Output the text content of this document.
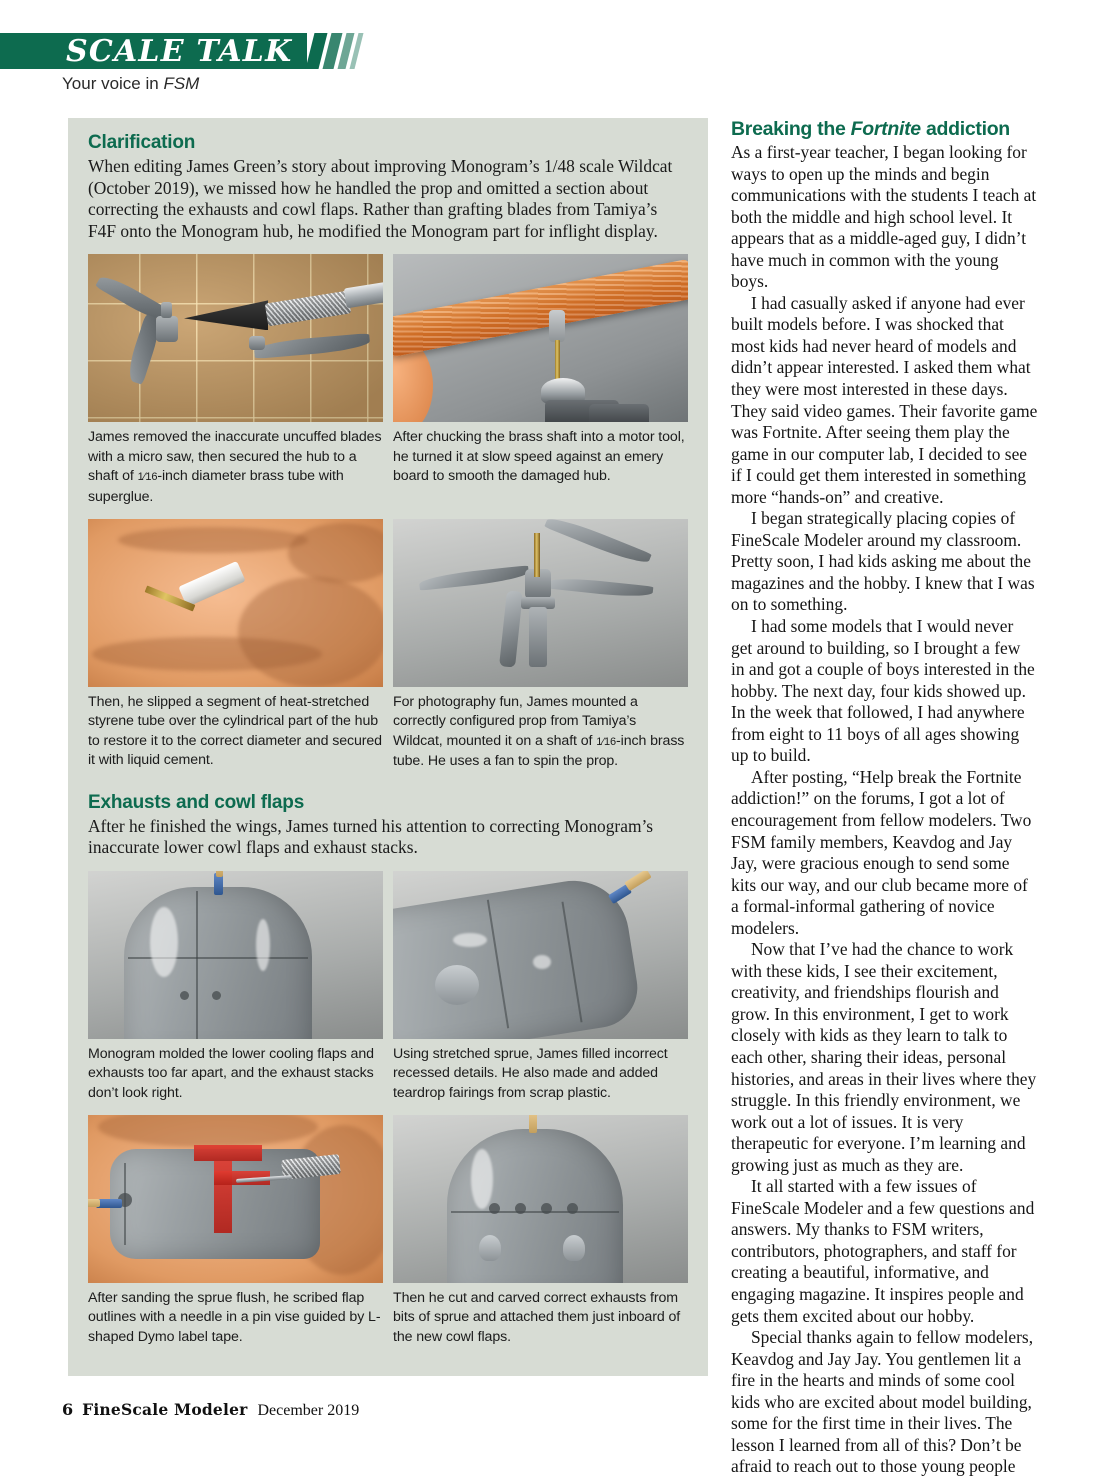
SCALE TALK
Your voice in FSM
Clarification

When editing James Green’s story about improving Monogram’s 1/48 scale Wildcat (October 2019), we missed how he handled the prop and omitted a section about correcting the exhausts and cowl flaps. Rather than grafting blades from Tamiya’s F4F onto the Monogram hub, he modified the Monogram part for inflight display.

James removed the inaccurate uncuffed blades with a micro saw, then secured the hub to a shaft of 1⁄16-inch diameter brass tube with superglue.
After chucking the brass shaft into a motor tool, he turned it at slow speed against an emery board to smooth the damaged hub.
Then, he slipped a segment of heat-stretched styrene tube over the cylindrical part of the hub to restore it to the correct diameter and secured it with liquid cement.
For photography fun, James mounted a correctly configured prop from Tamiya’s Wildcat, mounted it on a shaft of 1⁄16-inch brass tube. He uses a fan to spin the prop.
Exhausts and cowl flaps

After he finished the wings, James turned his attention to correcting Monogram’s inaccurate lower cowl flaps and exhaust stacks.

Monogram molded the lower cooling flaps and exhausts too far apart, and the exhaust stacks don’t look right.
Using stretched sprue, James filled incorrect recessed details. He also made and added teardrop fairings from scrap plastic.
After sanding the sprue flush, he scribed flap outlines with a needle in a pin vise guided by L-shaped Dymo label tape.
Then he cut and carved correct exhausts from bits of sprue and attached them just inboard of the new cowl flaps.
Breaking the Fortnite addiction

As a first-year teacher, I began looking for ways to open up the minds and begin communications with the students I teach at both the middle and high school level. It appears that as a middle-aged guy, I didn’t have much in common with the young boys.

I had casually asked if anyone had ever built models before. I was shocked that most kids had never heard of models and didn’t appear interested. I asked them what they were most interested in these days. They said video games. Their favorite game was Fortnite. After seeing them play the game in our computer lab, I decided to see if I could get them interested in something more “hands-on” and creative.

I began strategically placing copies of FineScale Modeler around my classroom. Pretty soon, I had kids asking me about the magazines and the hobby. I knew that I was on to something.

I had some models that I would never get around to building, so I brought a few in and got a couple of boys interested in the hobby. The next day, four kids showed up. In the week that followed, I had anywhere from eight to 11 boys of all ages showing up to build.

After posting, “Help break the Fortnite addiction!” on the forums, I got a lot of encouragement from fellow modelers. Two FSM family members, Keavdog and Jay Jay, were gracious enough to send some kits our way, and our club became more of a formal-informal gathering of novice modelers.

Now that I’ve had the chance to work with these kids, I see their excitement, creativity, and friendships flourish and grow. In this environment, I get to work closely with kids as they learn to talk to each other, sharing their ideas, personal histories, and areas in their lives where they struggle. In this friendly environment, we work out a lot of issues. It is very therapeutic for everyone. I’m learning and growing just as much as they are.

It all started with a few issues of FineScale Modeler and a few questions and answers. My thanks to FSM writers, contributors, photographers, and staff for creating a beautiful, informative, and engaging magazine. It inspires people and gets them excited about our hobby.

Special thanks again to fellow modelers, Keavdog and Jay Jay. You gentlemen lit a fire in the hearts and minds of some cool kids who are excited about model building, some for the first time in their lives. The lesson I learned from all of this? Don’t be afraid to reach out to those young people

6 FineScale Modeler December 2019
